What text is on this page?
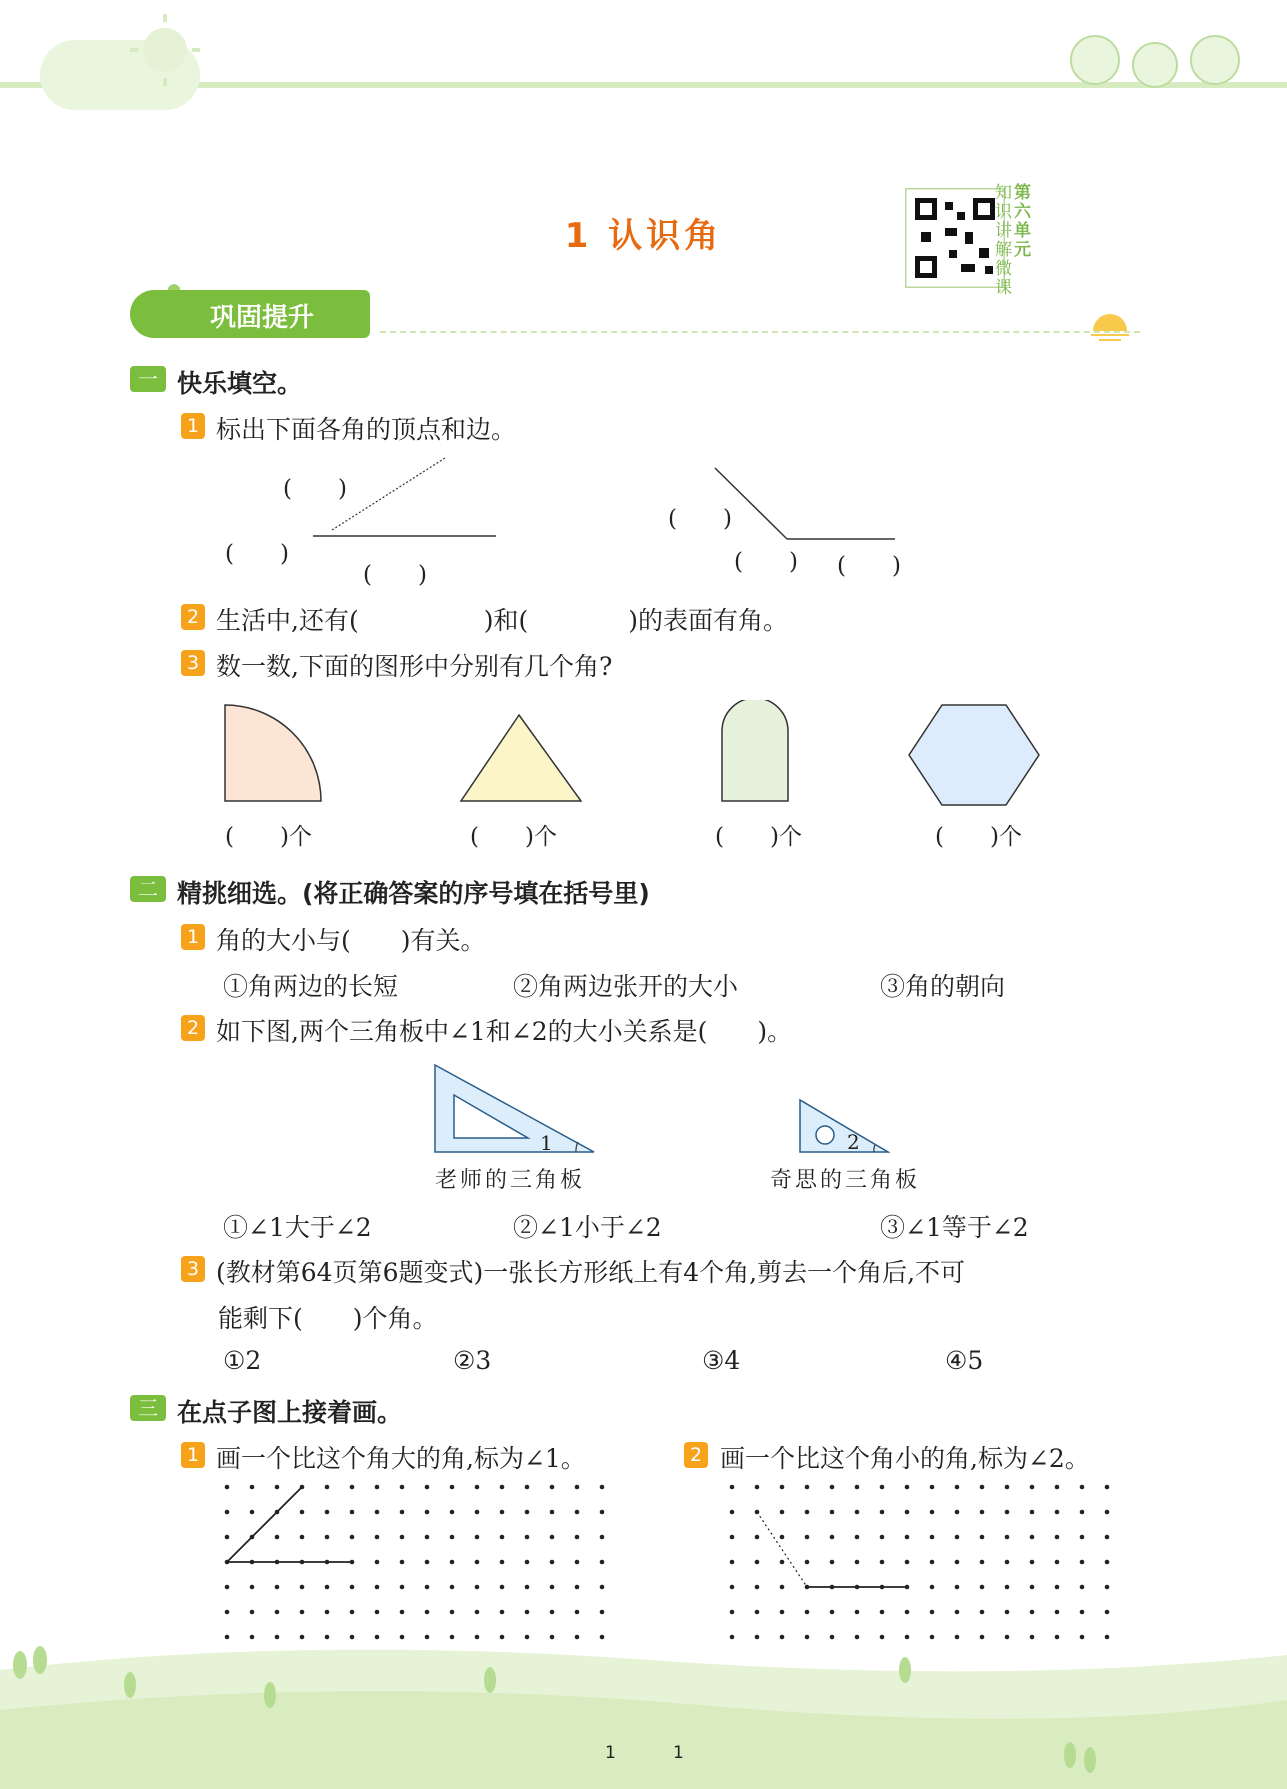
1 认识角
知识讲解微课
第六单元
巩固提升
一 快乐填空。
1 标出下面各角的顶点和边。
(　　)
(　　)
(　　)
(　　)
(　　) (　　)
2 生活中,还有(　　　　　)和(　　　　)的表面有角。
3 数一数,下面的图形中分别有几个角?
(　　)个	(　　)个	(　　)个	(　　)个
二 精挑细选。(将正确答案的序号填在括号里)
1 角的大小与(　　)有关。
①角两边的长短	②角两边张开的大小	③角的朝向
2 如下图,两个三角板中∠1和∠2的大小关系是(　　)。
1
老师的三角板
2
奇思的三角板
①∠1大于∠2	②∠1小于∠2	③∠1等于∠2
3 (教材第64页第6题变式)一张长方形纸上有4个角,剪去一个角后,不可
能剩下(　　)个角。
①2	②3	③4	④5
三 在点子图上接着画。
1 画一个比这个角大的角,标为∠1。	2 画一个比这个角小的角,标为∠2。
1	1
